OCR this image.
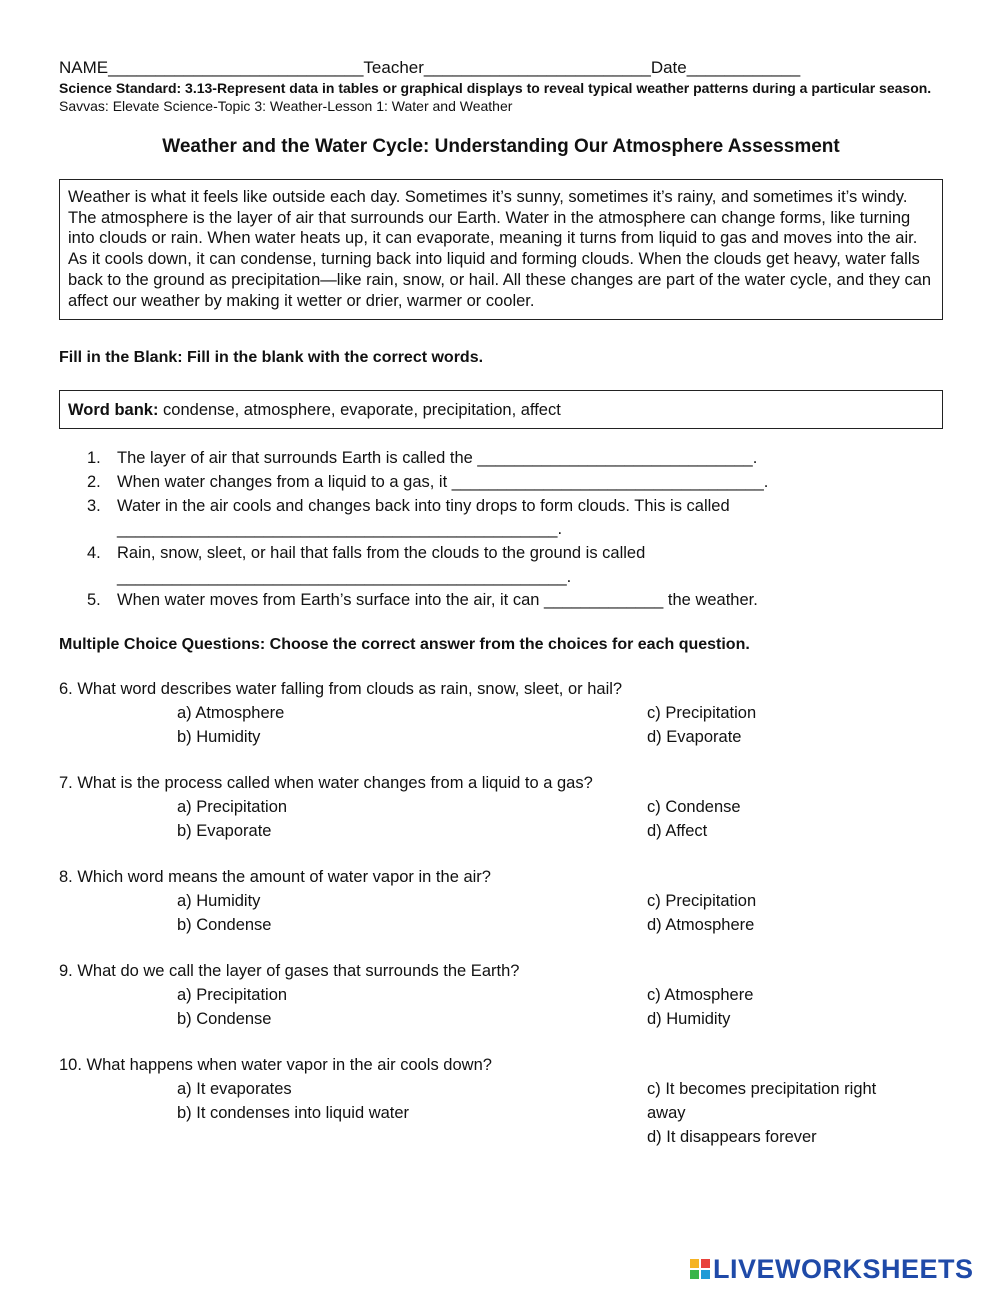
NAME___________________________Teacher________________________Date____________
Science Standard: 3.13-Represent data in tables or graphical displays to reveal typical weather patterns during a particular season.
Savvas: Elevate Science-Topic 3: Weather-Lesson 1: Water and Weather
Weather and the Water Cycle: Understanding Our Atmosphere Assessment
Weather is what it feels like outside each day. Sometimes it’s sunny, sometimes it’s rainy, and sometimes it’s windy. The atmosphere is the layer of air that surrounds our Earth. Water in the atmosphere can change forms, like turning into clouds or rain. When water heats up, it can evaporate, meaning it turns from liquid to gas and moves into the air. As it cools down, it can condense, turning back into liquid and forming clouds. When the clouds get heavy, water falls back to the ground as precipitation—like rain, snow, or hail. All these changes are part of the water cycle, and they can affect our weather by making it wetter or drier, warmer or cooler.
Fill in the Blank: Fill in the blank with the correct words.
Word bank: condense, atmosphere, evaporate, precipitation, affect
1. The layer of air that surrounds Earth is called the ______________________________.
2. When water changes from a liquid to a gas, it __________________________________.
3. Water in the air cools and changes back into tiny drops to form clouds. This is called ________________________________________________.
4. Rain, snow, sleet, or hail that falls from the clouds to the ground is called _________________________________________________.
5. When water moves from Earth’s surface into the air, it can _____________ the weather.
Multiple Choice Questions: Choose the correct answer from the choices for each question.
6. What word describes water falling from clouds as rain, snow, sleet, or hail?
a) Atmosphere	c) Precipitation
b) Humidity	d) Evaporate
7. What is the process called when water changes from a liquid to a gas?
a) Precipitation	c) Condense
b) Evaporate	d) Affect
8. Which word means the amount of water vapor in the air?
a) Humidity	c) Precipitation
b) Condense	d) Atmosphere
9. What do we call the layer of gases that surrounds the Earth?
a) Precipitation	c) Atmosphere
b) Condense	d) Humidity
10. What happens when water vapor in the air cools down?
a) It evaporates	c) It becomes precipitation right away
b) It condenses into liquid water
d) It disappears forever
LIVEWORKSHEETS
